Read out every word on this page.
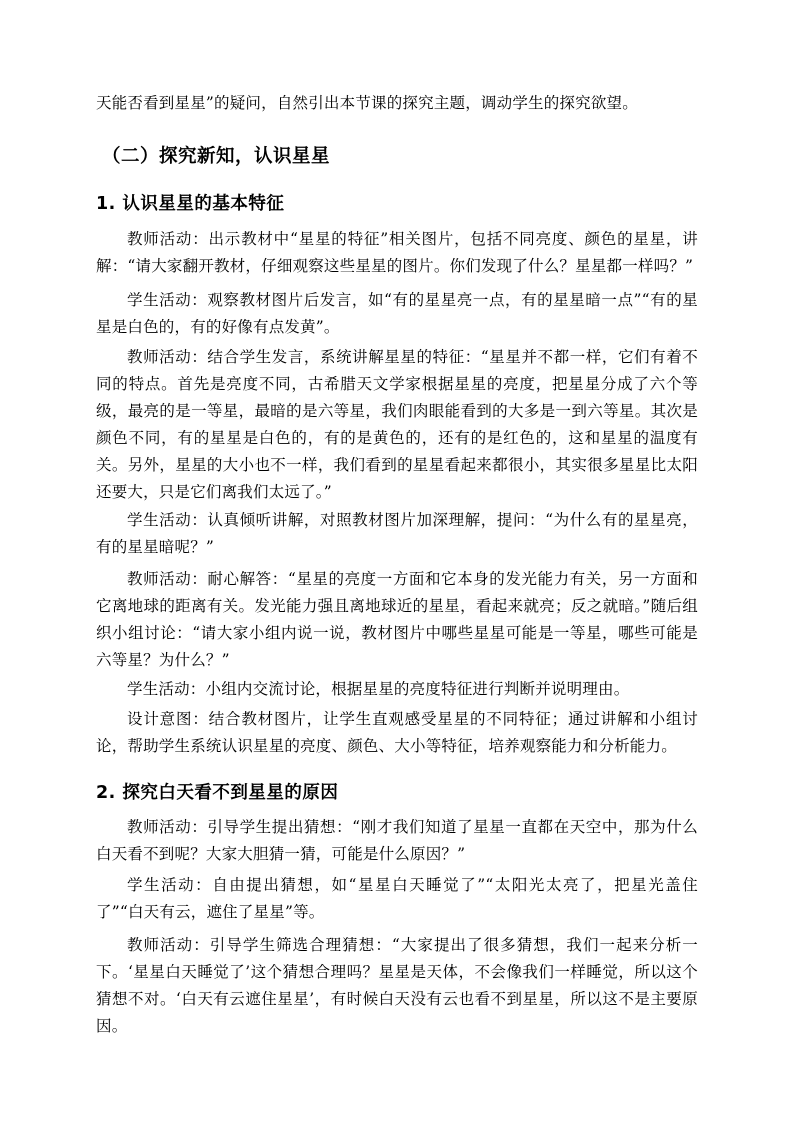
天能否看到星星”的疑问，自然引出本节课的探究主题，调动学生的探究欲望。

（二）探究新知，认识星星
1. 认识星星的基本特征

教师活动：出示教材中“星星的特征”相关图片，包括不同亮度、颜色的星星，讲解：“请大家翻开教材，仔细观察这些星星的图片。你们发现了什么？星星都一样吗？”

学生活动：观察教材图片后发言，如“有的星星亮一点，有的星星暗一点”“有的星星是白色的，有的好像有点发黄”。

教师活动：结合学生发言，系统讲解星星的特征：“星星并不都一样，它们有着不同的特点。首先是亮度不同，古希腊天文学家根据星星的亮度，把星星分成了六个等级，最亮的是一等星，最暗的是六等星，我们肉眼能看到的大多是一到六等星。其次是颜色不同，有的星星是白色的，有的是黄色的，还有的是红色的，这和星星的温度有关。另外，星星的大小也不一样，我们看到的星星看起来都很小，其实很多星星比太阳还要大，只是它们离我们太远了。”

学生活动：认真倾听讲解，对照教材图片加深理解，提问：“为什么有的星星亮，有的星星暗呢？”

教师活动：耐心解答：“星星的亮度一方面和它本身的发光能力有关，另一方面和它离地球的距离有关。发光能力强且离地球近的星星，看起来就亮；反之就暗。”随后组织小组讨论：“请大家小组内说一说，教材图片中哪些星星可能是一等星，哪些可能是六等星？为什么？”

学生活动：小组内交流讨论，根据星星的亮度特征进行判断并说明理由。

设计意图：结合教材图片，让学生直观感受星星的不同特征；通过讲解和小组讨论，帮助学生系统认识星星的亮度、颜色、大小等特征，培养观察能力和分析能力。

2. 探究白天看不到星星的原因

教师活动：引导学生提出猜想：“刚才我们知道了星星一直都在天空中，那为什么白天看不到呢？大家大胆猜一猜，可能是什么原因？”

学生活动：自由提出猜想，如“星星白天睡觉了”“太阳光太亮了，把星光盖住了”“白天有云，遮住了星星”等。

教师活动：引导学生筛选合理猜想：“大家提出了很多猜想，我们一起来分析一下。‘星星白天睡觉了’这个猜想合理吗？星星是天体，不会像我们一样睡觉，所以这个猜想不对。‘白天有云遮住星星’，有时候白天没有云也看不到星星，所以这不是主要原因。
